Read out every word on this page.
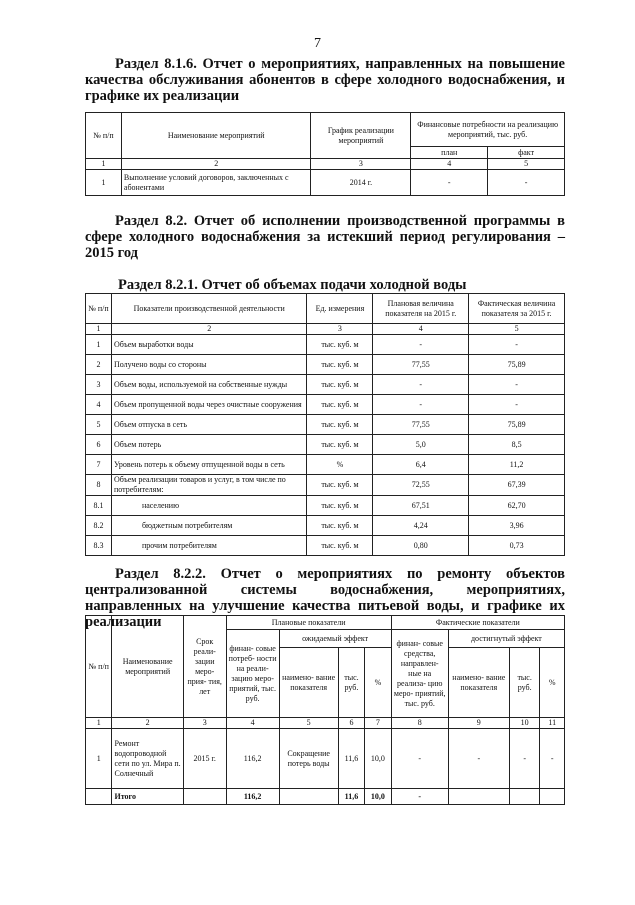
7
Раздел 8.1.6. Отчет о мероприятиях, направленных на повышение качества обслуживания абонентов в сфере холодного водоснабжения, и графике их реализации
№ п/п	Наименование мероприятий	График реализации мероприятий	Финансовые потребности на реализацию мероприятий, тыс. руб.	
			план	факт
1	2	3	4	5
1	Выполнение условий договоров, заключенных с абонентами	2014 г.	-	-
Раздел 8.2. Отчет об исполнении производственной программы в сфере холодного водоснабжения за истекший период регулирования – 2015 год
Раздел 8.2.1. Отчет об объемах подачи холодной воды
№ п/п	Показатели производственной деятельности	Ед. измерения	Плановая величина показателя на 2015 г.	Фактическая величина показателя за 2015 г.
1	2	3	4	5
1	Объем выработки воды	тыс. куб. м	-	-
2	Получено воды со стороны	тыс. куб. м	77,55	75,89
3	Объем воды, используемой на собственные нужды	тыс. куб. м	-	-
4	Объем пропущенной воды через очистные сооружения	тыс. куб. м	-	-
5	Объем отпуска в сеть	тыс. куб. м	77,55	75,89
6	Объем потерь	тыс. куб. м	5,0	8,5
7	Уровень потерь к объему отпущенной воды в сеть	%	6,4	11,2
8	Объем реализации товаров и услуг, в том числе по потребителям:	тыс. куб. м	72,55	67,39
8.1	населению	тыс. куб. м	67,51	62,70
8.2	бюджетным потребителям	тыс. куб. м	4,24	3,96
8.3	прочим потребителям	тыс. куб. м	0,80	0,73
Раздел 8.2.2. Отчет о мероприятиях по ремонту объектов централизованной системы водоснабжения, мероприятиях, направленных на улучшение качества питьевой воды, и графике их реализации
№ п/п	Наименование мероприятий	Срок реали- зации меро- прия- тия, лет	Плановые показатели				Фактические показатели			
			финан- совые потреб- ности на реали- зацию меро- приятий, тыс. руб.	ожидаемый эффект			финан- совые средства, направлен- ные на реализа- цию меро- приятий, тыс. руб.	достигнутый эффект		
				наимено- вание показателя	тыс. руб.	%		наимено- вание показателя	тыс. руб.	%
1	2	3	4	5	6	7	8	9	10	11
1	Ремонт водопроводной сети по ул. Мира п. Солнечный	2015 г.	116,2	Сокращение потерь воды	11,6	10,0	-	-	-	-
	Итого		116,2		11,6	10,0	-			
